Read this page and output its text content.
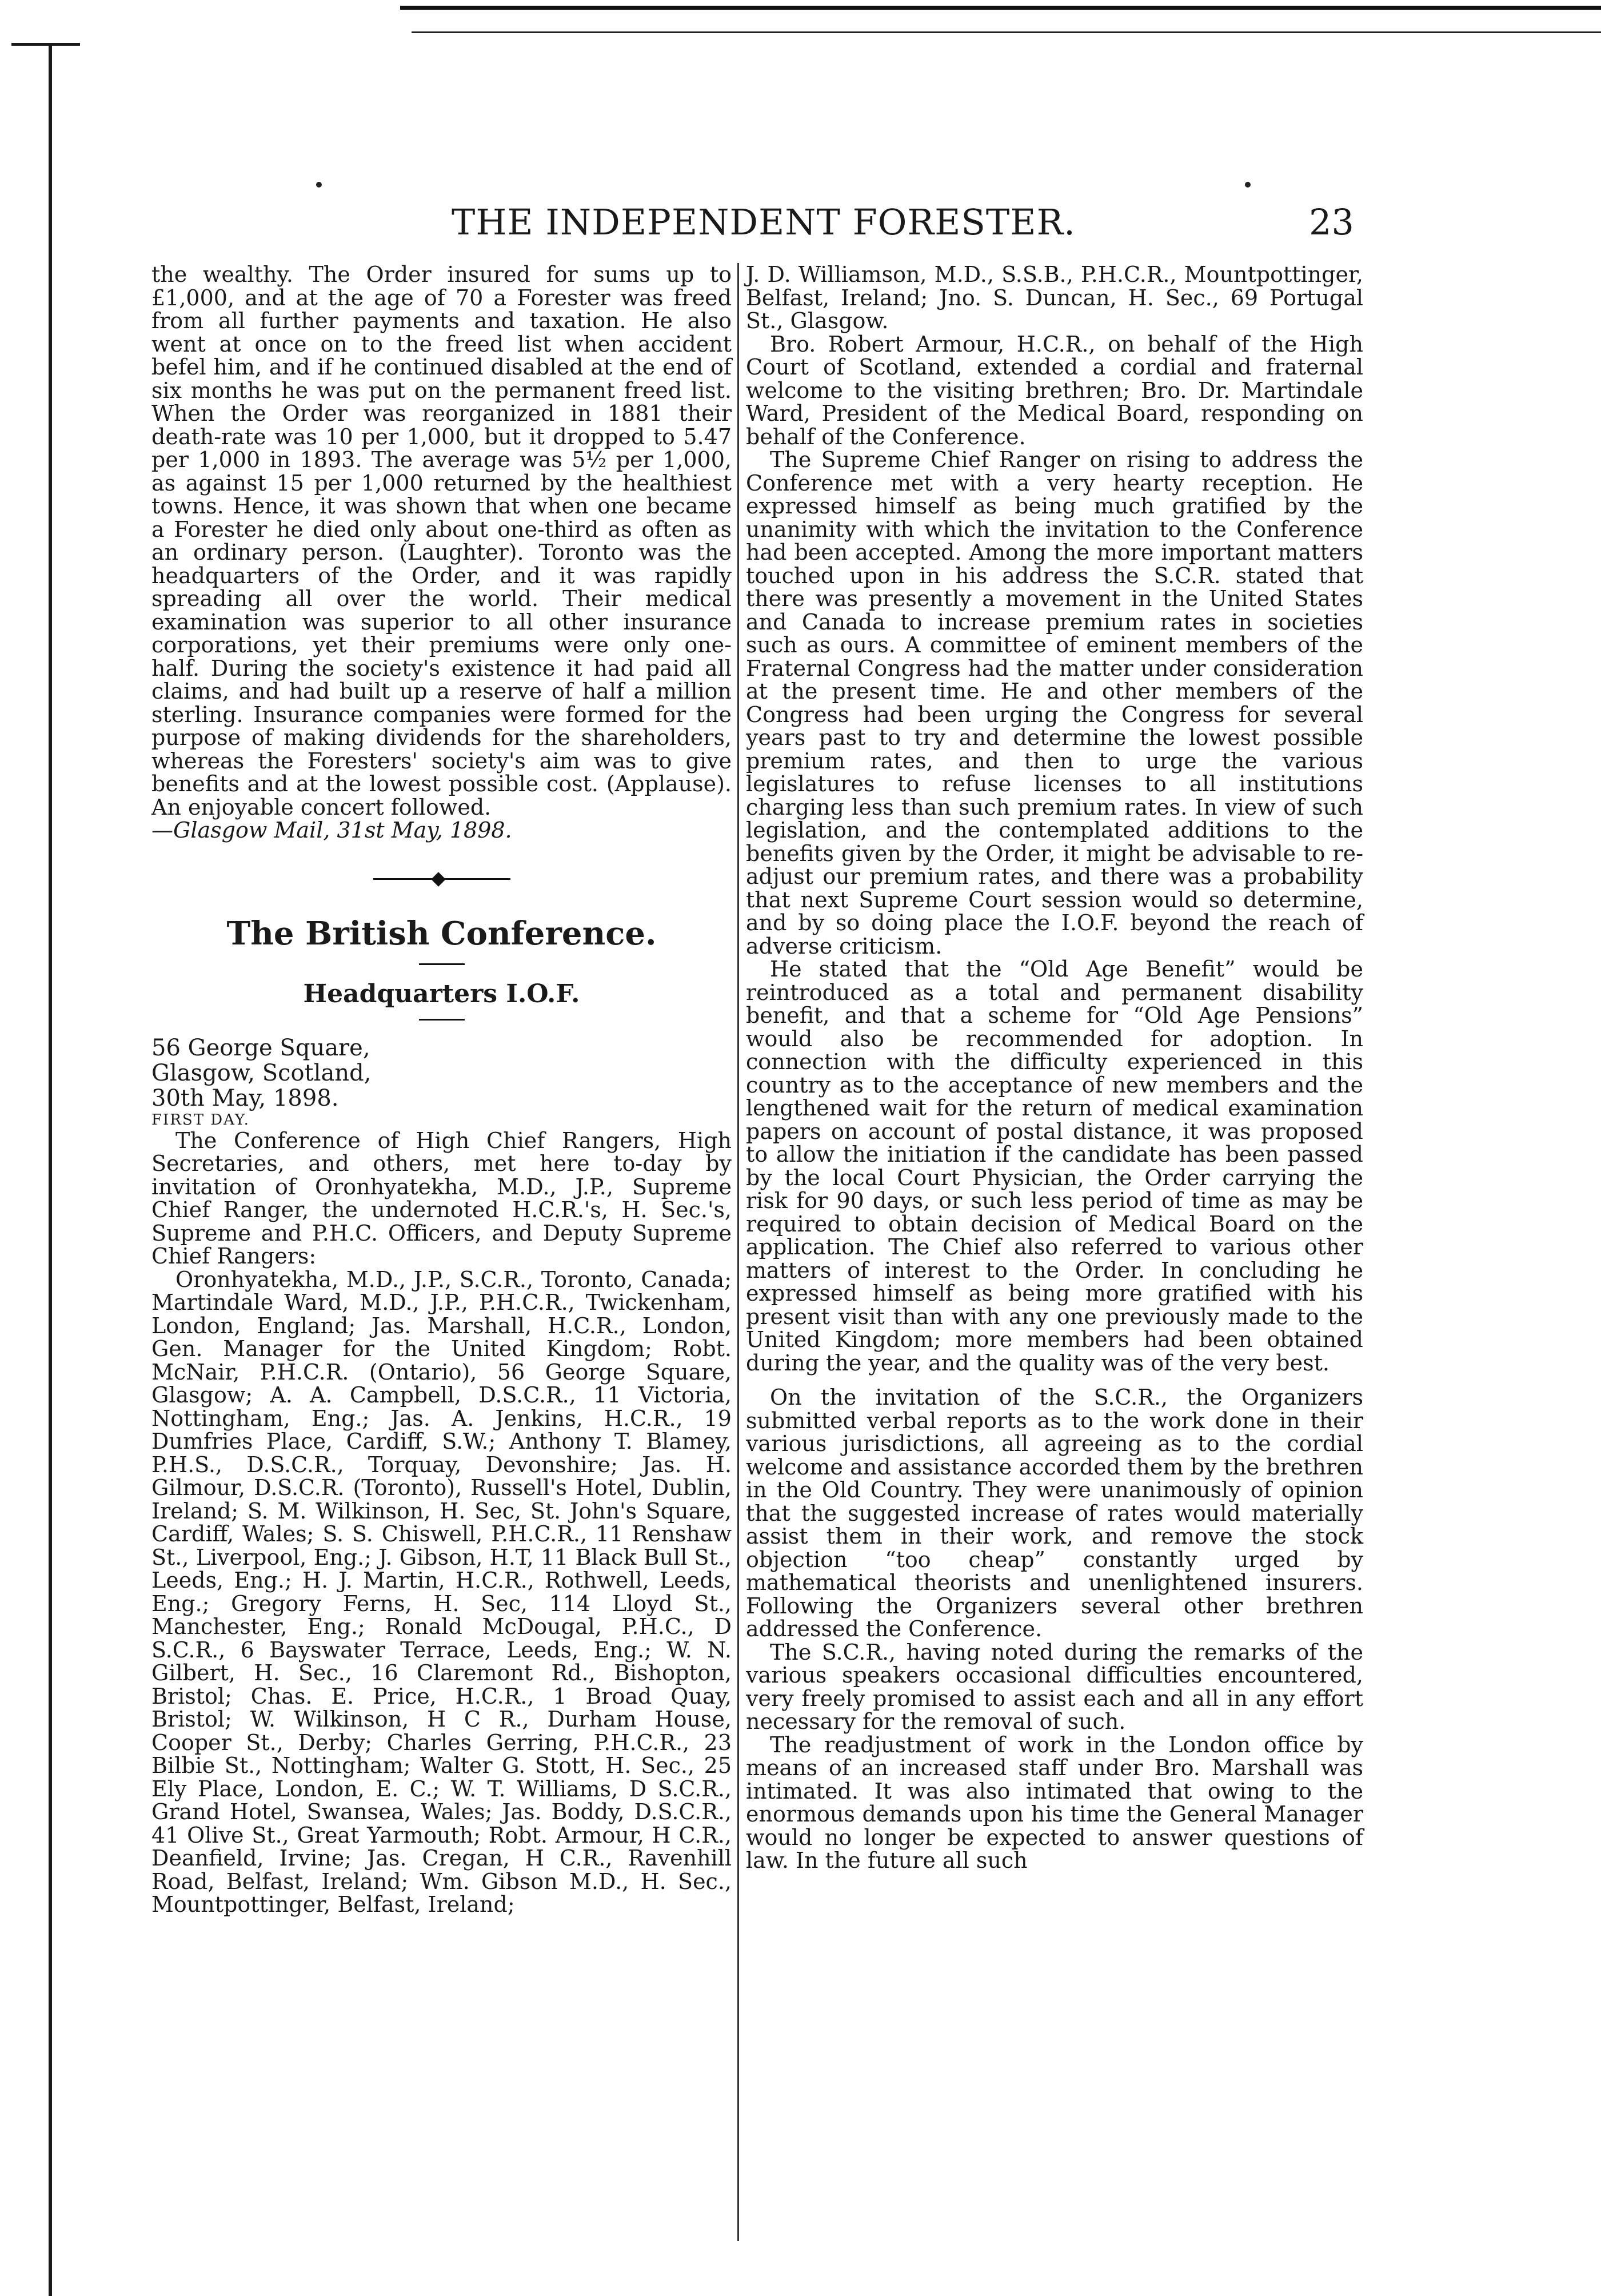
THE INDEPENDENT FORESTER.	23

the wealthy. The Order insured for sums up to £1,000, and at the age of 70 a Forester was freed from all further payments and taxation. He also went at once on to the freed list when accident befel him, and if he continued disabled at the end of six months he was put on the permanent freed list. When the Order was reorganized in 1881 their death-rate was 10 per 1,000, but it dropped to 5.47 per 1,000 in 1893. The average was 5½ per 1,000, as against 15 per 1,000 returned by the healthiest towns. Hence, it was shown that when one became a Forester he died only about one-third as often as an ordinary person. (Laughter). Toronto was the headquarters of the Order, and it was rapidly spreading all over the world. Their medical examination was superior to all other insurance corporations, yet their premiums were only one-half. During the society's existence it had paid all claims, and had built up a reserve of half a million sterling. Insurance companies were formed for the purpose of making dividends for the shareholders, whereas the Foresters' society's aim was to give benefits and at the lowest possible cost. (Applause). An enjoyable concert followed.

—Glasgow Mail, 31st May, 1898.

The British Conference.

Headquarters I.O.F.

56 George Square,

Glasgow, Scotland,

30th May, 1898.

FIRST DAY.

The Conference of High Chief Rangers, High Secretaries, and others, met here to-day by invitation of Oronhyatekha, M.D., J.P., Supreme Chief Ranger, the undernoted H.C.R.'s, H. Sec.'s, Supreme and P.H.C. Officers, and Deputy Supreme Chief Rangers:

Oronhyatekha, M.D., J.P., S.C.R., Toronto, Canada; Martindale Ward, M.D., J.P., P.H.C.R., Twickenham, London, England; Jas. Marshall, H.C.R., London, Gen. Manager for the United Kingdom; Robt. McNair, P.H.C.R. (Ontario), 56 George Square, Glasgow; A. A. Campbell, D.S.C.R., 11 Victoria, Nottingham, Eng.; Jas. A. Jenkins, H.C.R., 19 Dumfries Place, Cardiff, S.W.; Anthony T. Blamey, P.H.S., D.S.C.R., Torquay, Devonshire; Jas. H. Gilmour, D.S.C.R. (Toronto), Russell's Hotel, Dublin, Ireland; S. M. Wilkinson, H. Sec, St. John's Square, Cardiff, Wales; S. S. Chiswell, P.H.C.R., 11 Renshaw St., Liverpool, Eng.; J. Gibson, H.T, 11 Black Bull St., Leeds, Eng.; H. J. Martin, H.C.R., Rothwell, Leeds, Eng.; Gregory Ferns, H. Sec, 114 Lloyd St., Manchester, Eng.; Ronald McDougal, P.H.C., D S.C.R., 6 Bayswater Terrace, Leeds, Eng.; W. N. Gilbert, H. Sec., 16 Claremont Rd., Bishopton, Bristol; Chas. E. Price, H.C.R., 1 Broad Quay, Bristol; W. Wilkinson, H C R., Durham House, Cooper St., Derby; Charles Gerring, P.H.C.R., 23 Bilbie St., Nottingham; Walter G. Stott, H. Sec., 25 Ely Place, London, E. C.; W. T. Williams, D S.C.R., Grand Hotel, Swansea, Wales; Jas. Boddy, D.S.C.R., 41 Olive St., Great Yarmouth; Robt. Armour, H C.R., Deanfield, Irvine; Jas. Cregan, H C.R., Ravenhill Road, Belfast, Ireland; Wm. Gibson M.D., H. Sec., Mountpottinger, Belfast, Ireland;

J. D. Williamson, M.D., S.S.B., P.H.C.R., Mountpottinger, Belfast, Ireland; Jno. S. Duncan, H. Sec., 69 Portugal St., Glasgow.

Bro. Robert Armour, H.C.R., on behalf of the High Court of Scotland, extended a cordial and fraternal welcome to the visiting brethren; Bro. Dr. Martindale Ward, President of the Medical Board, responding on behalf of the Conference.

The Supreme Chief Ranger on rising to address the Conference met with a very hearty reception. He expressed himself as being much gratified by the unanimity with which the invitation to the Conference had been accepted. Among the more important matters touched upon in his address the S.C.R. stated that there was presently a movement in the United States and Canada to increase premium rates in societies such as ours. A committee of eminent members of the Fraternal Congress had the matter under consideration at the present time. He and other members of the Congress had been urging the Congress for several years past to try and determine the lowest possible premium rates, and then to urge the various legislatures to refuse licenses to all institutions charging less than such premium rates. In view of such legislation, and the contemplated additions to the benefits given by the Order, it might be advisable to re-adjust our premium rates, and there was a probability that next Supreme Court session would so determine, and by so doing place the I.O.F. beyond the reach of adverse criticism.

He stated that the “Old Age Benefit” would be reintroduced as a total and permanent disability benefit, and that a scheme for “Old Age Pensions” would also be recommended for adoption. In connection with the difficulty experienced in this country as to the acceptance of new members and the lengthened wait for the return of medical examination papers on account of postal distance, it was proposed to allow the initiation if the candidate has been passed by the local Court Physician, the Order carrying the risk for 90 days, or such less period of time as may be required to obtain decision of Medical Board on the application. The Chief also referred to various other matters of interest to the Order. In concluding he expressed himself as being more gratified with his present visit than with any one previously made to the United Kingdom; more members had been obtained during the year, and the quality was of the very best.

On the invitation of the S.C.R., the Organizers submitted verbal reports as to the work done in their various jurisdictions, all agreeing as to the cordial welcome and assistance accorded them by the brethren in the Old Country. They were unanimously of opinion that the suggested increase of rates would materially assist them in their work, and remove the stock objection “too cheap” constantly urged by mathematical theorists and unenlightened insurers. Following the Organizers several other brethren addressed the Conference.

The S.C.R., having noted during the remarks of the various speakers occasional difficulties encountered, very freely promised to assist each and all in any effort necessary for the removal of such.

The readjustment of work in the London office by means of an increased staff under Bro. Marshall was intimated. It was also intimated that owing to the enormous demands upon his time the General Manager would no longer be expected to answer questions of law. In the future all such
